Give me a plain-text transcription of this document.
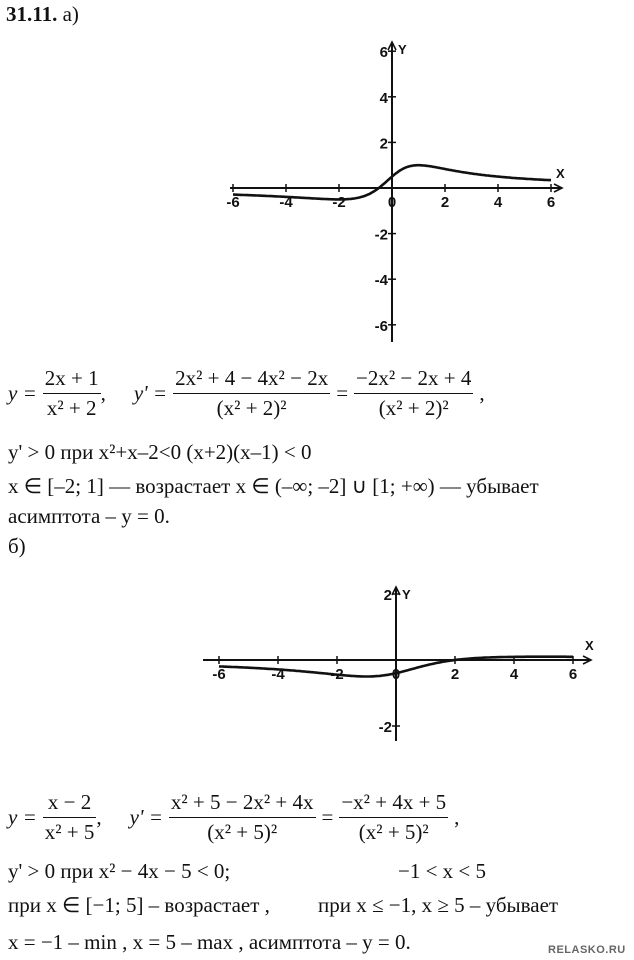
31.11. а)
X
Y
-6	-4	-2	0	2	4	6
6
4
2
-2
-4
-6
$y = \frac{2x + 1}{\text{x² + 2}}$ , $y' = \frac{\text{2x² + 4 − 4x² − 2x}}{\text{(x² + 2)²}} = \frac{\text{−2x² − 2x + 4}}{\text{(x² + 2)²}}$ ,
y' > 0 при x²+x–2<0 (x+2)(x–1) < 0
x ∈ [–2; 1] — возрастает x ∈ (–∞; –2] ∪ [1; +∞) — убывает
асимптота – y = 0.
б)
X
Y
-6	-4	-2	0	2	4	6
2
-2
$y = \frac{x - 2}{\text{x² + 5}}$ , $y' = \frac{\text{x² + 5 − 2x² + 4x}}{\text{(x² + 5)²}} = \frac{\text{−x² + 4x + 5}}{\text{(x² + 5)²}}$ ,
y' > 0 при x² − 4x − 5 < 0;	−1 < x < 5
при x ∈ [−1; 5] – возрастает , при x ≤ −1, x ≥ 5 – убывает
x = −1 – min , x = 5 – max , асимптота – y = 0.	RELASKO.RU
